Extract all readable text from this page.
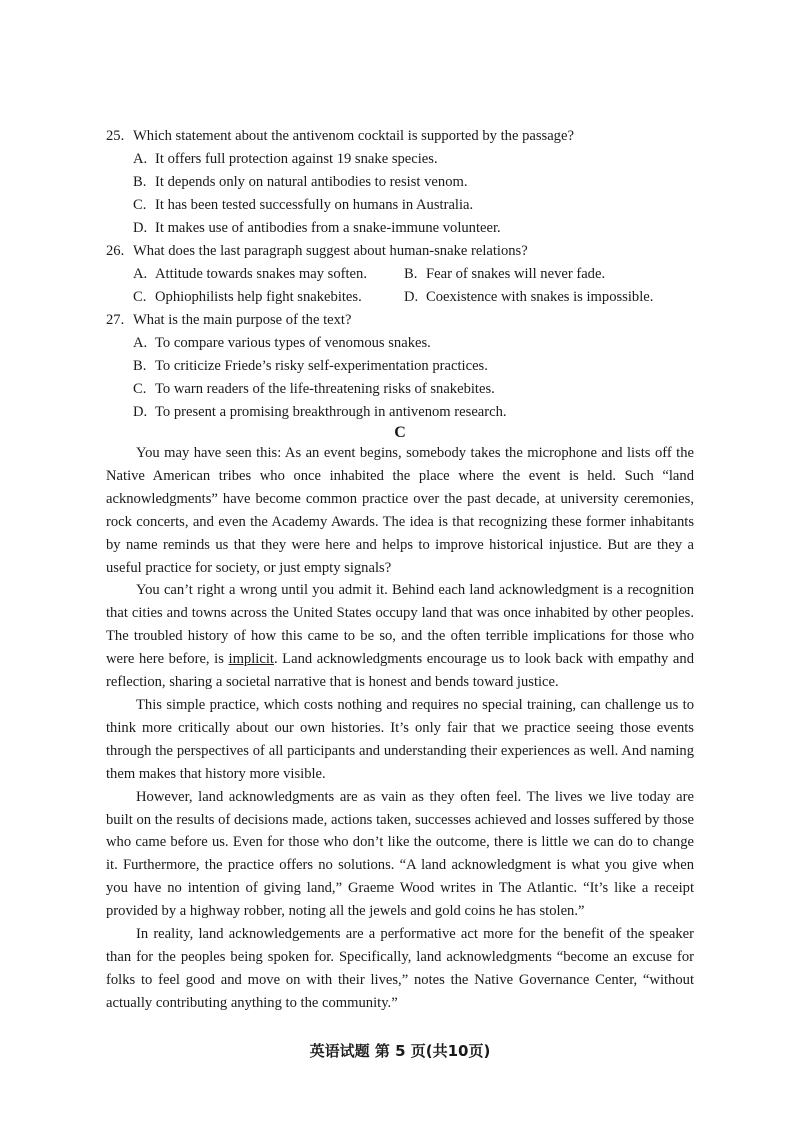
25. Which statement about the antivenom cocktail is supported by the passage?
A. It offers full protection against 19 snake species.
B. It depends only on natural antibodies to resist venom.
C. It has been tested successfully on humans in Australia.
D. It makes use of antibodies from a snake-immune volunteer.
26. What does the last paragraph suggest about human-snake relations?
A. Attitude towards snakes may soften.	B. Fear of snakes will never fade.
C. Ophiophilists help fight snakebites.	D. Coexistence with snakes is impossible.
27. What is the main purpose of the text?
A. To compare various types of venomous snakes.
B. To criticize Friede’s risky self-experimentation practices.
C. To warn readers of the life-threatening risks of snakebites.
D. To present a promising breakthrough in antivenom research.
C

You may have seen this: As an event begins, somebody takes the microphone and lists off the Native American tribes who once inhabited the place where the event is held. Such “land acknowledgments” have become common practice over the past decade, at university ceremonies, rock concerts, and even the Academy Awards. The idea is that recognizing these former inhabitants by name reminds us that they were here and helps to improve historical injustice. But are they a useful practice for society, or just empty signals?

You can’t right a wrong until you admit it. Behind each land acknowledgment is a recognition that cities and towns across the United States occupy land that was once inhabited by other peoples. The troubled history of how this came to be so, and the often terrible implications for those who were here before, is implicit. Land acknowledgments encourage us to look back with empathy and reflection, sharing a societal narrative that is honest and bends toward justice.

This simple practice, which costs nothing and requires no special training, can challenge us to think more critically about our own histories. It’s only fair that we practice seeing those events through the perspectives of all participants and understanding their experiences as well. And naming them makes that history more visible.

However, land acknowledgments are as vain as they often feel. The lives we live today are built on the results of decisions made, actions taken, successes achieved and losses suffered by those who came before us. Even for those who don’t like the outcome, there is little we can do to change it. Furthermore, the practice offers no solutions. “A land acknowledgment is what you give when you have no intention of giving land,” Graeme Wood writes in The Atlantic. “It’s like a receipt provided by a highway robber, noting all the jewels and gold coins he has stolen.”

In reality, land acknowledgements are a performative act more for the benefit of the speaker than for the peoples being spoken for. Specifically, land acknowledgments “become an excuse for folks to feel good and move on with their lives,” notes the Native Governance Center, “without actually contributing anything to the community.”

英语试题 第 5 页(共10页)
